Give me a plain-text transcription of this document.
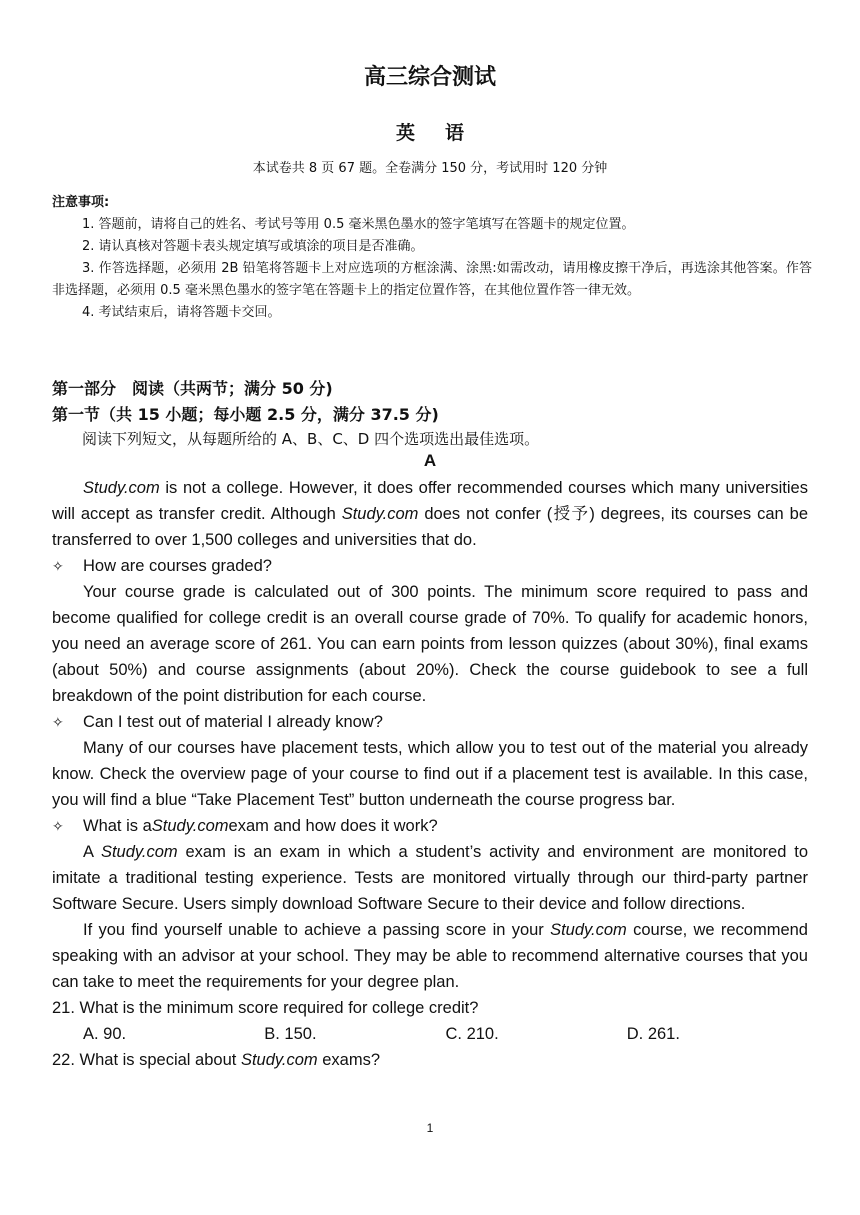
高三综合测试
英语
本试卷共 8 页 67 题。全卷满分 150 分，考试用时 120 分钟
注意事项:
1. 答题前，请将自己的姓名、考试号等用 0.5 毫米黑色墨水的签字笔填写在答题卡的规定位置。
2. 请认真核对答题卡表头规定填写或填涂的项目是否准确。
3. 作答选择题，必须用 2B 铅笔将答题卡上对应选项的方框涂满、涂黑:如需改动，请用橡皮擦干净后，再选涂其他答案。作答非选择题，必须用 0.5 毫米黑色墨水的签字笔在答题卡上的指定位置作答，在其他位置作答一律无效。
4. 考试结束后，请将答题卡交回。
第一部分　阅读（共两节；满分 50 分)
第一节（共 15 小题；每小题 2.5 分，满分 37.5 分)
阅读下列短文，从每题所给的 A、B、C、D 四个选项选出最佳选项。
A

Study.com is not a college. However, it does offer recommended courses which many universities will accept as transfer credit. Although Study.com does not confer (授予) degrees, its courses can be transferred to over 1,500 colleges and universities that do.

✧	How are courses graded?

Your course grade is calculated out of 300 points. The minimum score required to pass and become qualified for college credit is an overall course grade of 70%. To qualify for academic honors, you need an average score of 261. You can earn points from lesson quizzes (about 30%), final exams (about 50%) and course assignments (about 20%). Check the course guidebook to see a full breakdown of the point distribution for each course.

✧	Can I test out of material I already know?

Many of our courses have placement tests, which allow you to test out of the material you already know. Check the overview page of your course to find out if a placement test is available. In this case, you will find a blue “Take Placement Test” button underneath the course progress bar.

✧	What is a Study.com exam and how does it work?

A Study.com exam is an exam in which a student’s activity and environment are monitored to imitate a traditional testing experience. Tests are monitored virtually through our third-party partner Software Secure. Users simply download Software Secure to their device and follow directions.

If you find yourself unable to achieve a passing score in your Study.com course, we recommend speaking with an advisor at your school. They may be able to recommend alternative courses that you can take to meet the requirements for your degree plan.

21. What is the minimum score required for college credit?

A. 90.	B. 150.	C. 210.	D. 261.

22. What is special about Study.com exams?

1
